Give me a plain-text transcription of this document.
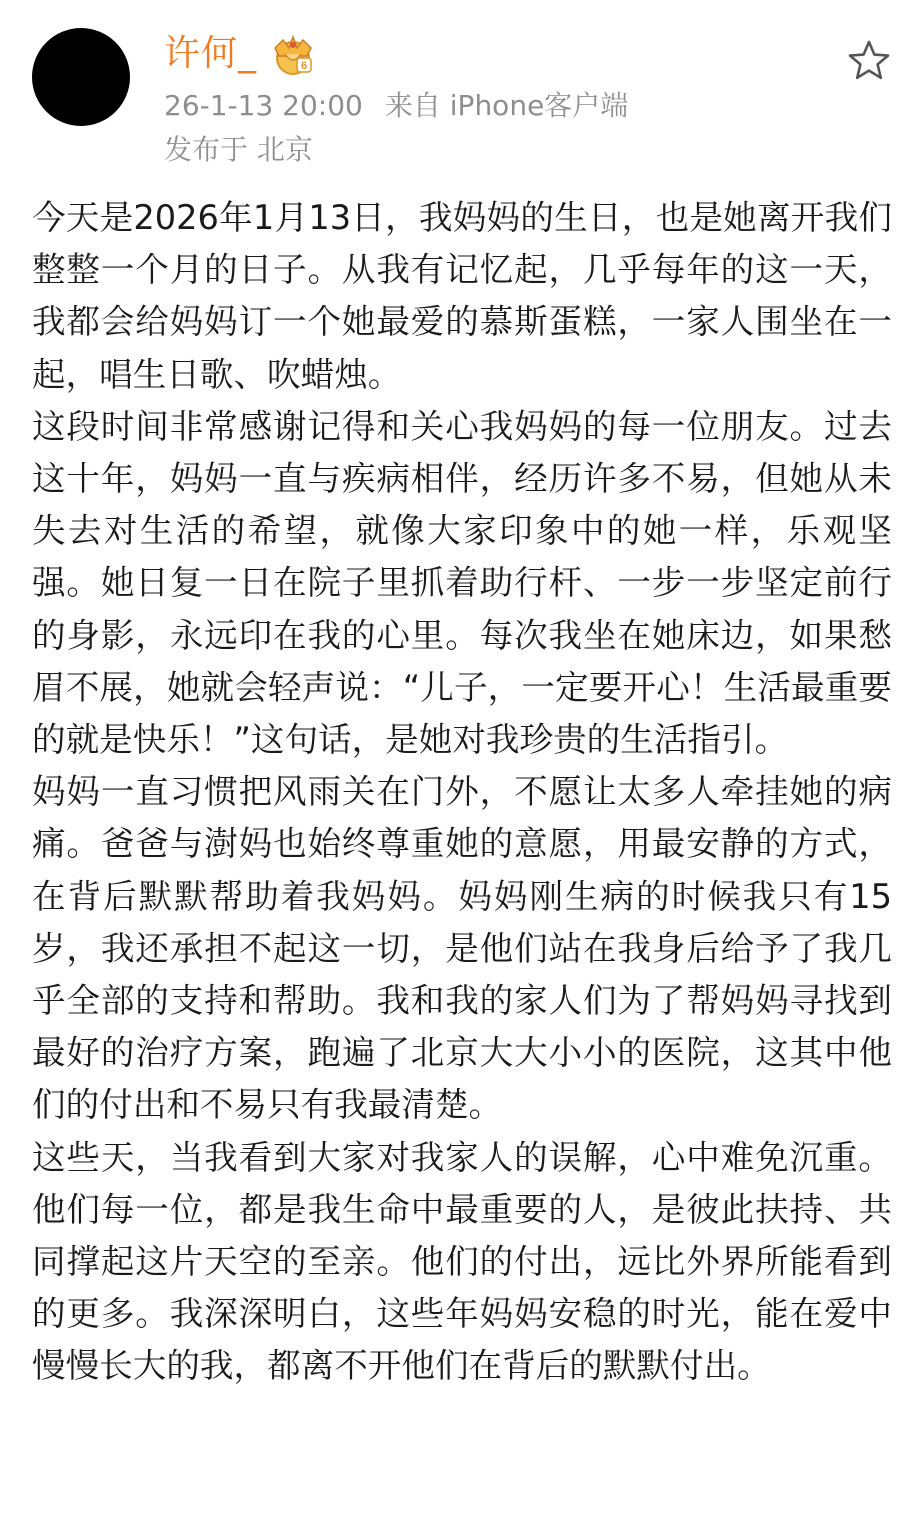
许何_	6
26-1-13 20:00 来自 iPhone客户端
发布于 北京

今天是2026年1月13日，我妈妈的生日，也是她离开我们整整一个月的日子。从我有记忆起，几乎每年的这一天，我都会给妈妈订一个她最爱的慕斯蛋糕，一家人围坐在一起，唱生日歌、吹蜡烛。

这段时间非常感谢记得和关心我妈妈的每一位朋友。过去这十年，妈妈一直与疾病相伴，经历许多不易，但她从未失去对生活的希望，就像大家印象中的她一样，乐观坚强。她日复一日在院子里抓着助行杆、一步一步坚定前行的身影，永远印在我的心里。每次我坐在她床边，如果愁眉不展，她就会轻声说：“儿子，一定要开心！生活最重要的就是快乐！”这句话，是她对我珍贵的生活指引。

妈妈一直习惯把风雨关在门外，不愿让太多人牵挂她的病痛。爸爸与澍妈也始终尊重她的意愿，用最安静的方式，在背后默默帮助着我妈妈。妈妈刚生病的时候我只有15岁，我还承担不起这一切，是他们站在我身后给予了我几乎全部的支持和帮助。我和我的家人们为了帮妈妈寻找到最好的治疗方案，跑遍了北京大大小小的医院，这其中他们的付出和不易只有我最清楚。

这些天，当我看到大家对我家人的误解，心中难免沉重。他们每一位，都是我生命中最重要的人，是彼此扶持、共同撑起这片天空的至亲。他们的付出，远比外界所能看到的更多。我深深明白，这些年妈妈安稳的时光，能在爱中慢慢长大的我，都离不开他们在背后的默默付出。
